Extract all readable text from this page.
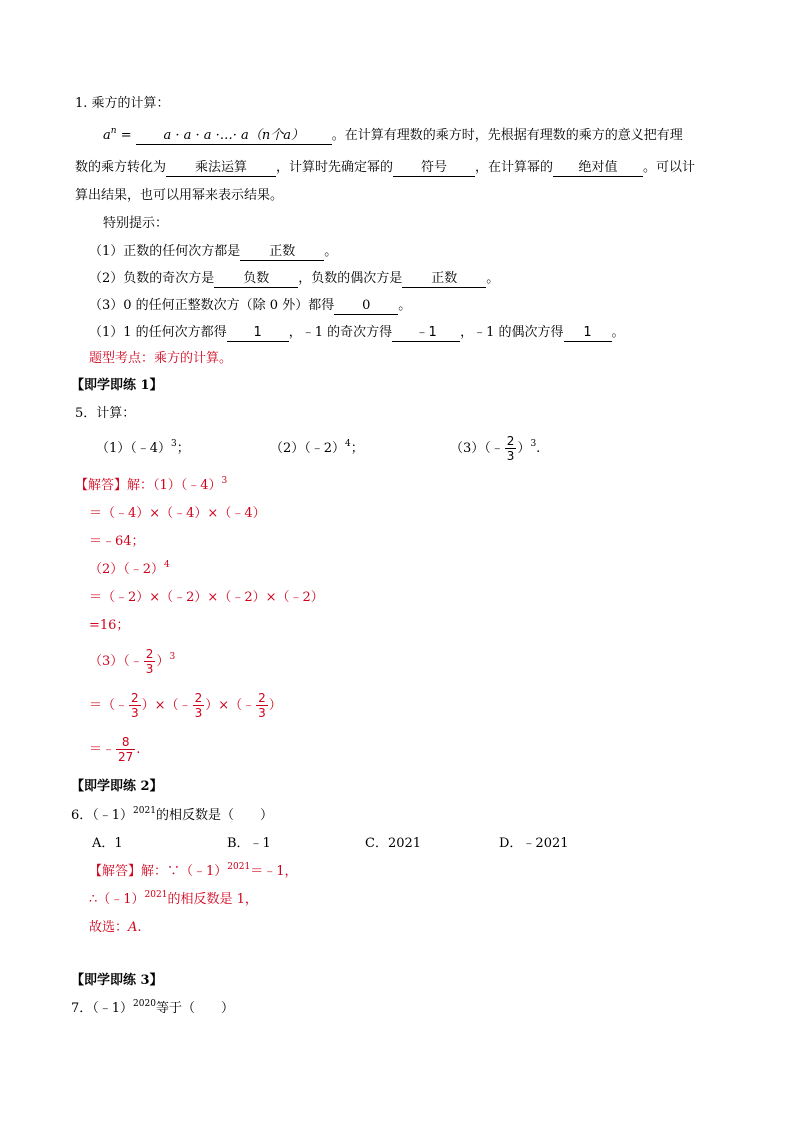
1. 乘方的计算：
$a^n = a \cdot a \cdot a$ ·…· a（n个a） 。在计算有理数的乘方时，先根据有理数的乘方的意义把有理
数的乘方转化为 乘法运算 ，计算时先确定幂的 符号 ，在计算幂的 绝对值 。可以计
算出结果，也可以用幂来表示结果。
特别提示：
（1）正数的任何次方都是 正数 。
（2）负数的奇次方是 负数 ，负数的偶次方是 正数 。
（3）0 的任何正整数次方（除 0 外）都得 0 。
（1）1 的任何次方都得 1 ，﹣1 的奇次方得 ﹣1 ，﹣1 的偶次方得 1 。
题型考点：乘方的计算。
【即学即练 1】
5．计算：
（1）（﹣4）$^3$；	（2）（﹣2）$^4$；	（3）（﹣ $\frac{2}{3} )^3$.
【解答】解：（1）（﹣4）$^3$
＝（﹣4）×（﹣4）×（﹣4）
＝﹣64；
（2）（﹣2）$^4$
＝（﹣2）×（﹣2）×（﹣2）×（﹣2）
=16；
（3）（﹣ $\frac{2}{3} )^3$
＝（﹣ $\frac{2}{3}$ ）×（﹣ $\frac{2}{3}$ ）×（﹣ $\frac{2}{3}$ ）
＝﹣ $\frac{8}{27}$ .
【即学即练 2】
6．（﹣1）$^{2021}$的相反数是（　　）
A．1	B．﹣1	C．2021	D．﹣2021
【解答】解：∵（﹣1）$^{2021}$＝﹣1，
∴（﹣1）$^{2021}$的相反数是 1，
故选：A.
【即学即练 3】
7．（﹣1）$^{2020}$等于（　　）
